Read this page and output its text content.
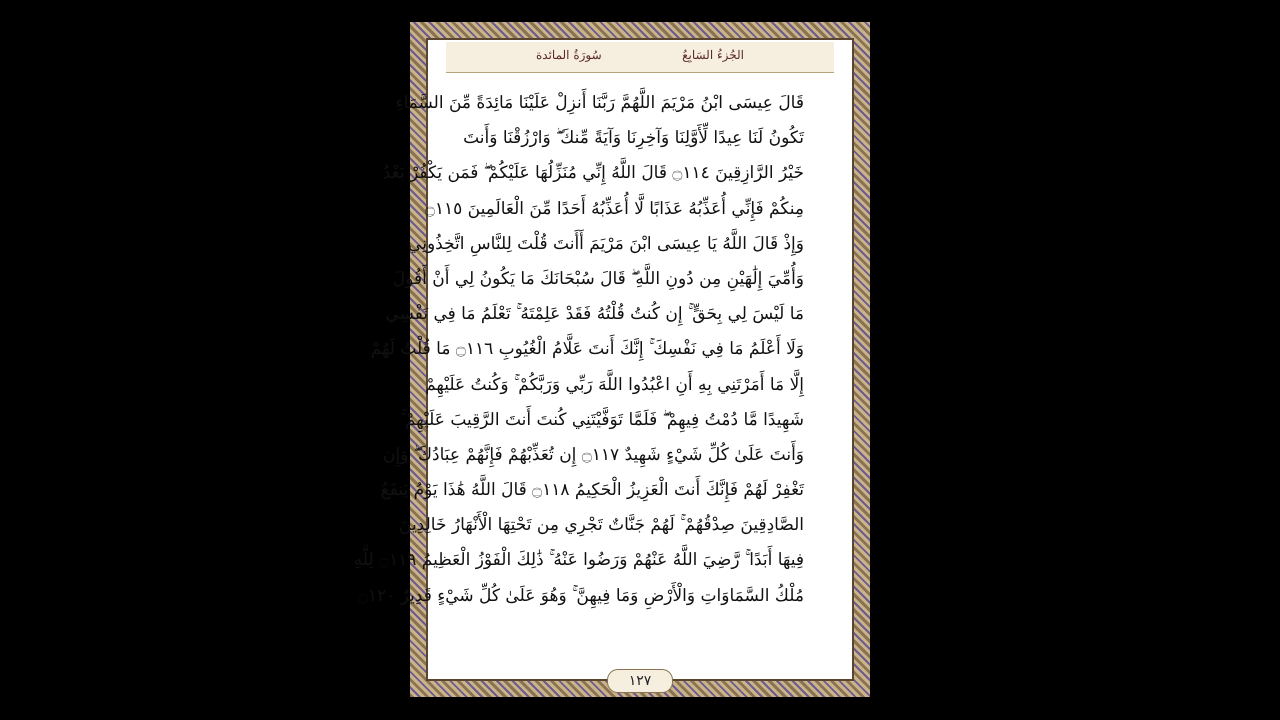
الجُزءُ السَابِعُ
سُورَةُ المائدة
قَالَ عِيسَى ابْنُ مَرْيَمَ اللَّهُمَّ رَبَّنَا أَنزِلْ عَلَيْنَا مَائِدَةً مِّنَ السَّمَاءِ
تَكُونُ لَنَا عِيدًا لِّأَوَّلِنَا وَآخِرِنَا وَآيَةً مِّنكَ ۖ وَارْزُقْنَا وَأَنتَ
خَيْرُ الرَّازِقِينَ ۝١١٤ قَالَ اللَّهُ إِنِّي مُنَزِّلُهَا عَلَيْكُمْ ۖ فَمَن يَكْفُرْ بَعْدُ
مِنكُمْ فَإِنِّي أُعَذِّبُهُ عَذَابًا لَّا أُعَذِّبُهُ أَحَدًا مِّنَ الْعَالَمِينَ ۝١١٥
وَإِذْ قَالَ اللَّهُ يَا عِيسَى ابْنَ مَرْيَمَ أَأَنتَ قُلْتَ لِلنَّاسِ اتَّخِذُونِي
وَأُمِّيَ إِلَٰهَيْنِ مِن دُونِ اللَّهِ ۖ قَالَ سُبْحَانَكَ مَا يَكُونُ لِي أَنْ أَقُولَ
مَا لَيْسَ لِي بِحَقٍّ ۚ إِن كُنتُ قُلْتُهُ فَقَدْ عَلِمْتَهُ ۚ تَعْلَمُ مَا فِي نَفْسِي
وَلَا أَعْلَمُ مَا فِي نَفْسِكَ ۚ إِنَّكَ أَنتَ عَلَّامُ الْغُيُوبِ ۝١١٦ مَا قُلْتُ لَهُمْ
إِلَّا مَا أَمَرْتَنِي بِهِ أَنِ اعْبُدُوا اللَّهَ رَبِّي وَرَبَّكُمْ ۚ وَكُنتُ عَلَيْهِمْ
شَهِيدًا مَّا دُمْتُ فِيهِمْ ۖ فَلَمَّا تَوَفَّيْتَنِي كُنتَ أَنتَ الرَّقِيبَ عَلَيْهِمْ ۚ
وَأَنتَ عَلَىٰ كُلِّ شَيْءٍ شَهِيدٌ ۝١١٧ إِن تُعَذِّبْهُمْ فَإِنَّهُمْ عِبَادُكَ ۖ وَإِن
تَغْفِرْ لَهُمْ فَإِنَّكَ أَنتَ الْعَزِيزُ الْحَكِيمُ ۝١١٨ قَالَ اللَّهُ هَٰذَا يَوْمُ يَنفَعُ
الصَّادِقِينَ صِدْقُهُمْ ۚ لَهُمْ جَنَّاتٌ تَجْرِي مِن تَحْتِهَا الْأَنْهَارُ خَالِدِينَ
فِيهَا أَبَدًا ۚ رَّضِيَ اللَّهُ عَنْهُمْ وَرَضُوا عَنْهُ ۚ ذَٰلِكَ الْفَوْزُ الْعَظِيمُ ۝١١٩ لِلَّهِ
مُلْكُ السَّمَاوَاتِ وَالْأَرْضِ وَمَا فِيهِنَّ ۚ وَهُوَ عَلَىٰ كُلِّ شَيْءٍ قَدِيرٌ ۝١٢٠
١٢٧
